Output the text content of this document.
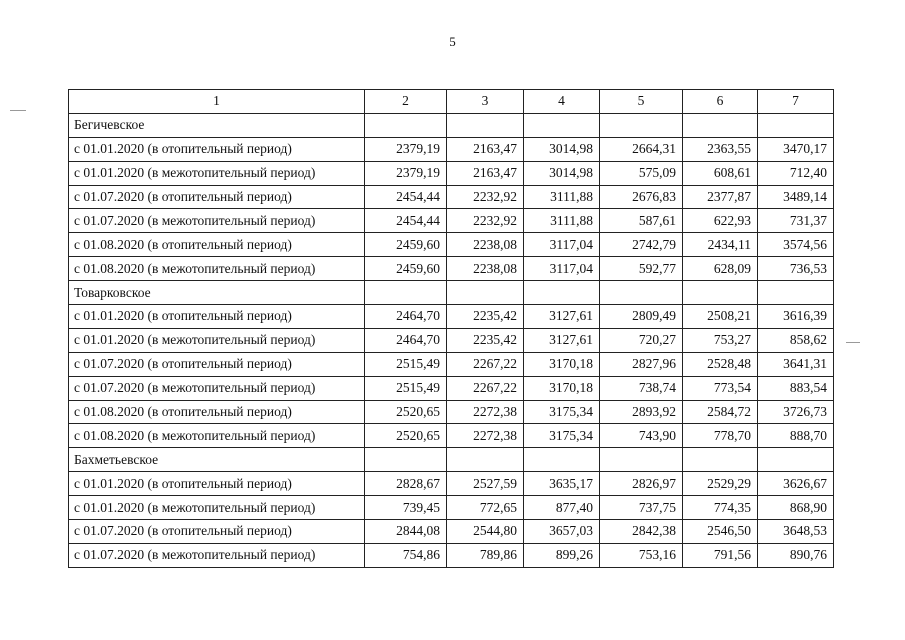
5
1	2	3	4	5	6	7
Бегичевское						
с 01.01.2020 (в отопительный период)	2379,19	2163,47	3014,98	2664,31	2363,55	3470,17
с 01.01.2020 (в межотопительный период)	2379,19	2163,47	3014,98	575,09	608,61	712,40
с 01.07.2020 (в отопительный период)	2454,44	2232,92	3111,88	2676,83	2377,87	3489,14
с 01.07.2020 (в межотопительный период)	2454,44	2232,92	3111,88	587,61	622,93	731,37
с 01.08.2020 (в отопительный период)	2459,60	2238,08	3117,04	2742,79	2434,11	3574,56
с 01.08.2020 (в межотопительный период)	2459,60	2238,08	3117,04	592,77	628,09	736,53
Товарковское						
с 01.01.2020 (в отопительный период)	2464,70	2235,42	3127,61	2809,49	2508,21	3616,39
с 01.01.2020 (в межотопительный период)	2464,70	2235,42	3127,61	720,27	753,27	858,62
с 01.07.2020 (в отопительный период)	2515,49	2267,22	3170,18	2827,96	2528,48	3641,31
с 01.07.2020 (в межотопительный период)	2515,49	2267,22	3170,18	738,74	773,54	883,54
с 01.08.2020 (в отопительный период)	2520,65	2272,38	3175,34	2893,92	2584,72	3726,73
с 01.08.2020 (в межотопительный период)	2520,65	2272,38	3175,34	743,90	778,70	888,70
Бахметьевское						
с 01.01.2020 (в отопительный период)	2828,67	2527,59	3635,17	2826,97	2529,29	3626,67
с 01.01.2020 (в межотопительный период)	739,45	772,65	877,40	737,75	774,35	868,90
с 01.07.2020 (в отопительный период)	2844,08	2544,80	3657,03	2842,38	2546,50	3648,53
с 01.07.2020 (в межотопительный период)	754,86	789,86	899,26	753,16	791,56	890,76
